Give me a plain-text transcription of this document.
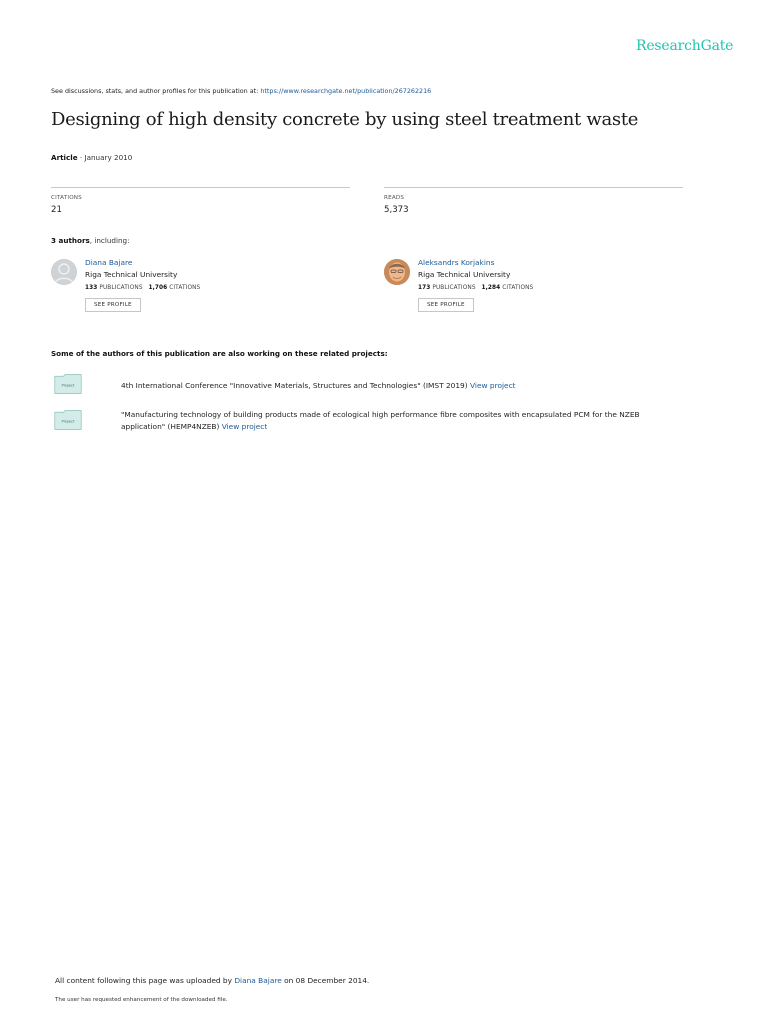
ResearchGate
See discussions, stats, and author profiles for this publication at: https://www.researchgate.net/publication/267262216
Designing of high density concrete by using steel treatment waste
Article · January 2010
CITATIONS
21
READS
5,373
3 authors, including:
Diana Bajare
Riga Technical University
133 PUBLICATIONS 1,706 CITATIONS
SEE PROFILE
Aleksandrs Korjakins
Riga Technical University
173 PUBLICATIONS 1,284 CITATIONS
SEE PROFILE
Some of the authors of this publication are also working on these related projects:
Project	4th International Conference "Innovative Materials, Structures and Technologies" (IMST 2019) View project
Project
"Manufacturing technology of building products made of ecological high performance fibre composites with encapsulated PCM for the NZEB application" (HEMP4NZEB) View project
All content following this page was uploaded by Diana Bajare on 08 December 2014.
The user has requested enhancement of the downloaded file.
